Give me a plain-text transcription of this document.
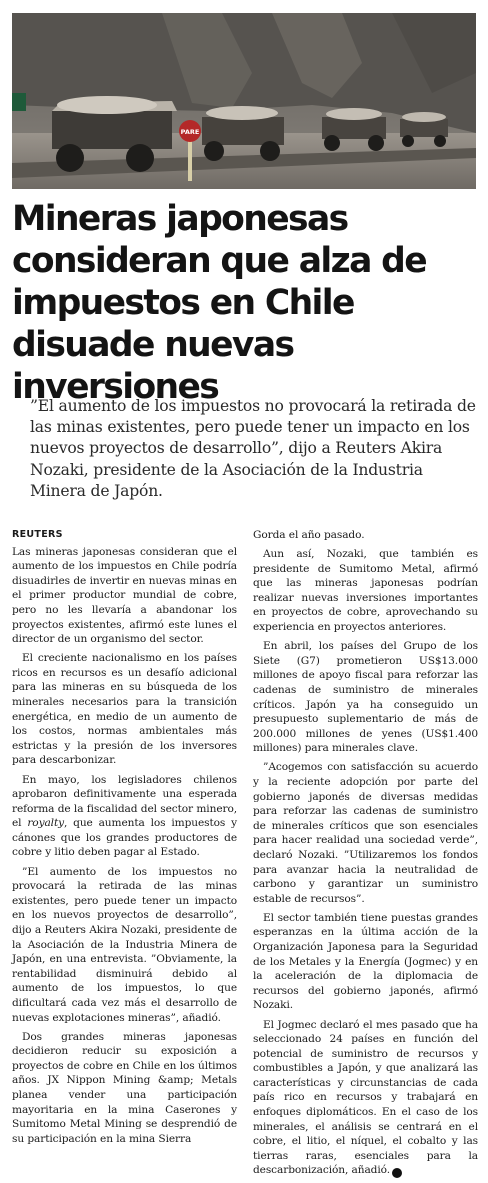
PARE
Mineras japonesas consideran que alza de impuestos en Chile disuade nuevas inversiones

”El aumento de los impuestos no provocará la retirada de las minas existentes, pero puede tener un impacto en los nuevos proyectos de desarrollo”, dijo a Reuters Akira Nozaki, presidente de la Asociación de la Industria Minera de Japón.

REUTERS

Las mineras japonesas consideran que el aumento de los impuestos en Chile podría disuadirles de invertir en nuevas minas en el primer productor mundial de cobre, pero no les llevaría a abandonar los proyectos existentes, afirmó este lunes el director de un organismo del sector.

El creciente nacionalismo en los países ricos en recursos es un desafío adicional para las mineras en su búsqueda de los minerales necesarios para la transición energética, en medio de un aumento de los costos, normas ambientales más estrictas y la presión de los inversores para descarbonizar.

En mayo, los legisladores chilenos aprobaron definitivamente una esperada reforma de la fiscalidad del sector minero, el royalty, que aumenta los impuestos y cánones que los grandes productores de cobre y litio deben pagar al Estado.

”El aumento de los impuestos no provocará la retirada de las minas existentes, pero puede tener un impacto en los nuevos proyectos de desarrollo”, dijo a Reuters Akira Nozaki, presidente de la Asociación de la Industria Minera de Japón, en una entrevista. ”Obviamente, la rentabilidad disminuirá debido al aumento de los impuestos, lo que dificultará cada vez más el desarrollo de nuevas explotaciones mineras”, añadió.

Dos grandes mineras japonesas decidieron reducir su exposición a proyectos de cobre en Chile en los últimos años. JX Nippon Mining &amp; Metals planea vender una participación mayoritaria en la mina Caserones y Sumitomo Metal Mining se desprendió de su participación en la mina Sierra

Gorda el año pasado.

Aun así, Nozaki, que también es presidente de Sumitomo Metal, afirmó que las mineras japonesas podrían realizar nuevas inversiones importantes en proyectos de cobre, aprovechando su experiencia en proyectos anteriores.

En abril, los países del Grupo de los Siete (G7) prometieron US$13.000 millones de apoyo fiscal para reforzar las cadenas de suministro de minerales críticos. Japón ya ha conseguido un presupuesto suplementario de más de 200.000 millones de yenes (US$1.400 millones) para minerales clave.

”Acogemos con satisfacción su acuerdo y la reciente adopción por parte del gobierno japonés de diversas medidas para reforzar las cadenas de suministro de minerales críticos que son esenciales para hacer realidad una sociedad verde”, declaró Nozaki. ”Utilizaremos los fondos para avanzar hacia la neutralidad de carbono y garantizar un suministro estable de recursos”.

El sector también tiene puestas grandes esperanzas en la última acción de la Organización Japonesa para la Seguridad de los Metales y la Energía (Jogmec) y en la aceleración de la diplomacia de recursos del gobierno japonés, afirmó Nozaki.

El Jogmec declaró el mes pasado que ha seleccionado 24 países en función del potencial de suministro de recursos y combustibles a Japón, y que analizará las características y circunstancias de cada país rico en recursos y trabajará en enfoques diplomáticos. En el caso de los minerales, el análisis se centrará en el cobre, el litio, el níquel, el cobalto y las tierras raras, esenciales para la descarbonización, añadió. ●
